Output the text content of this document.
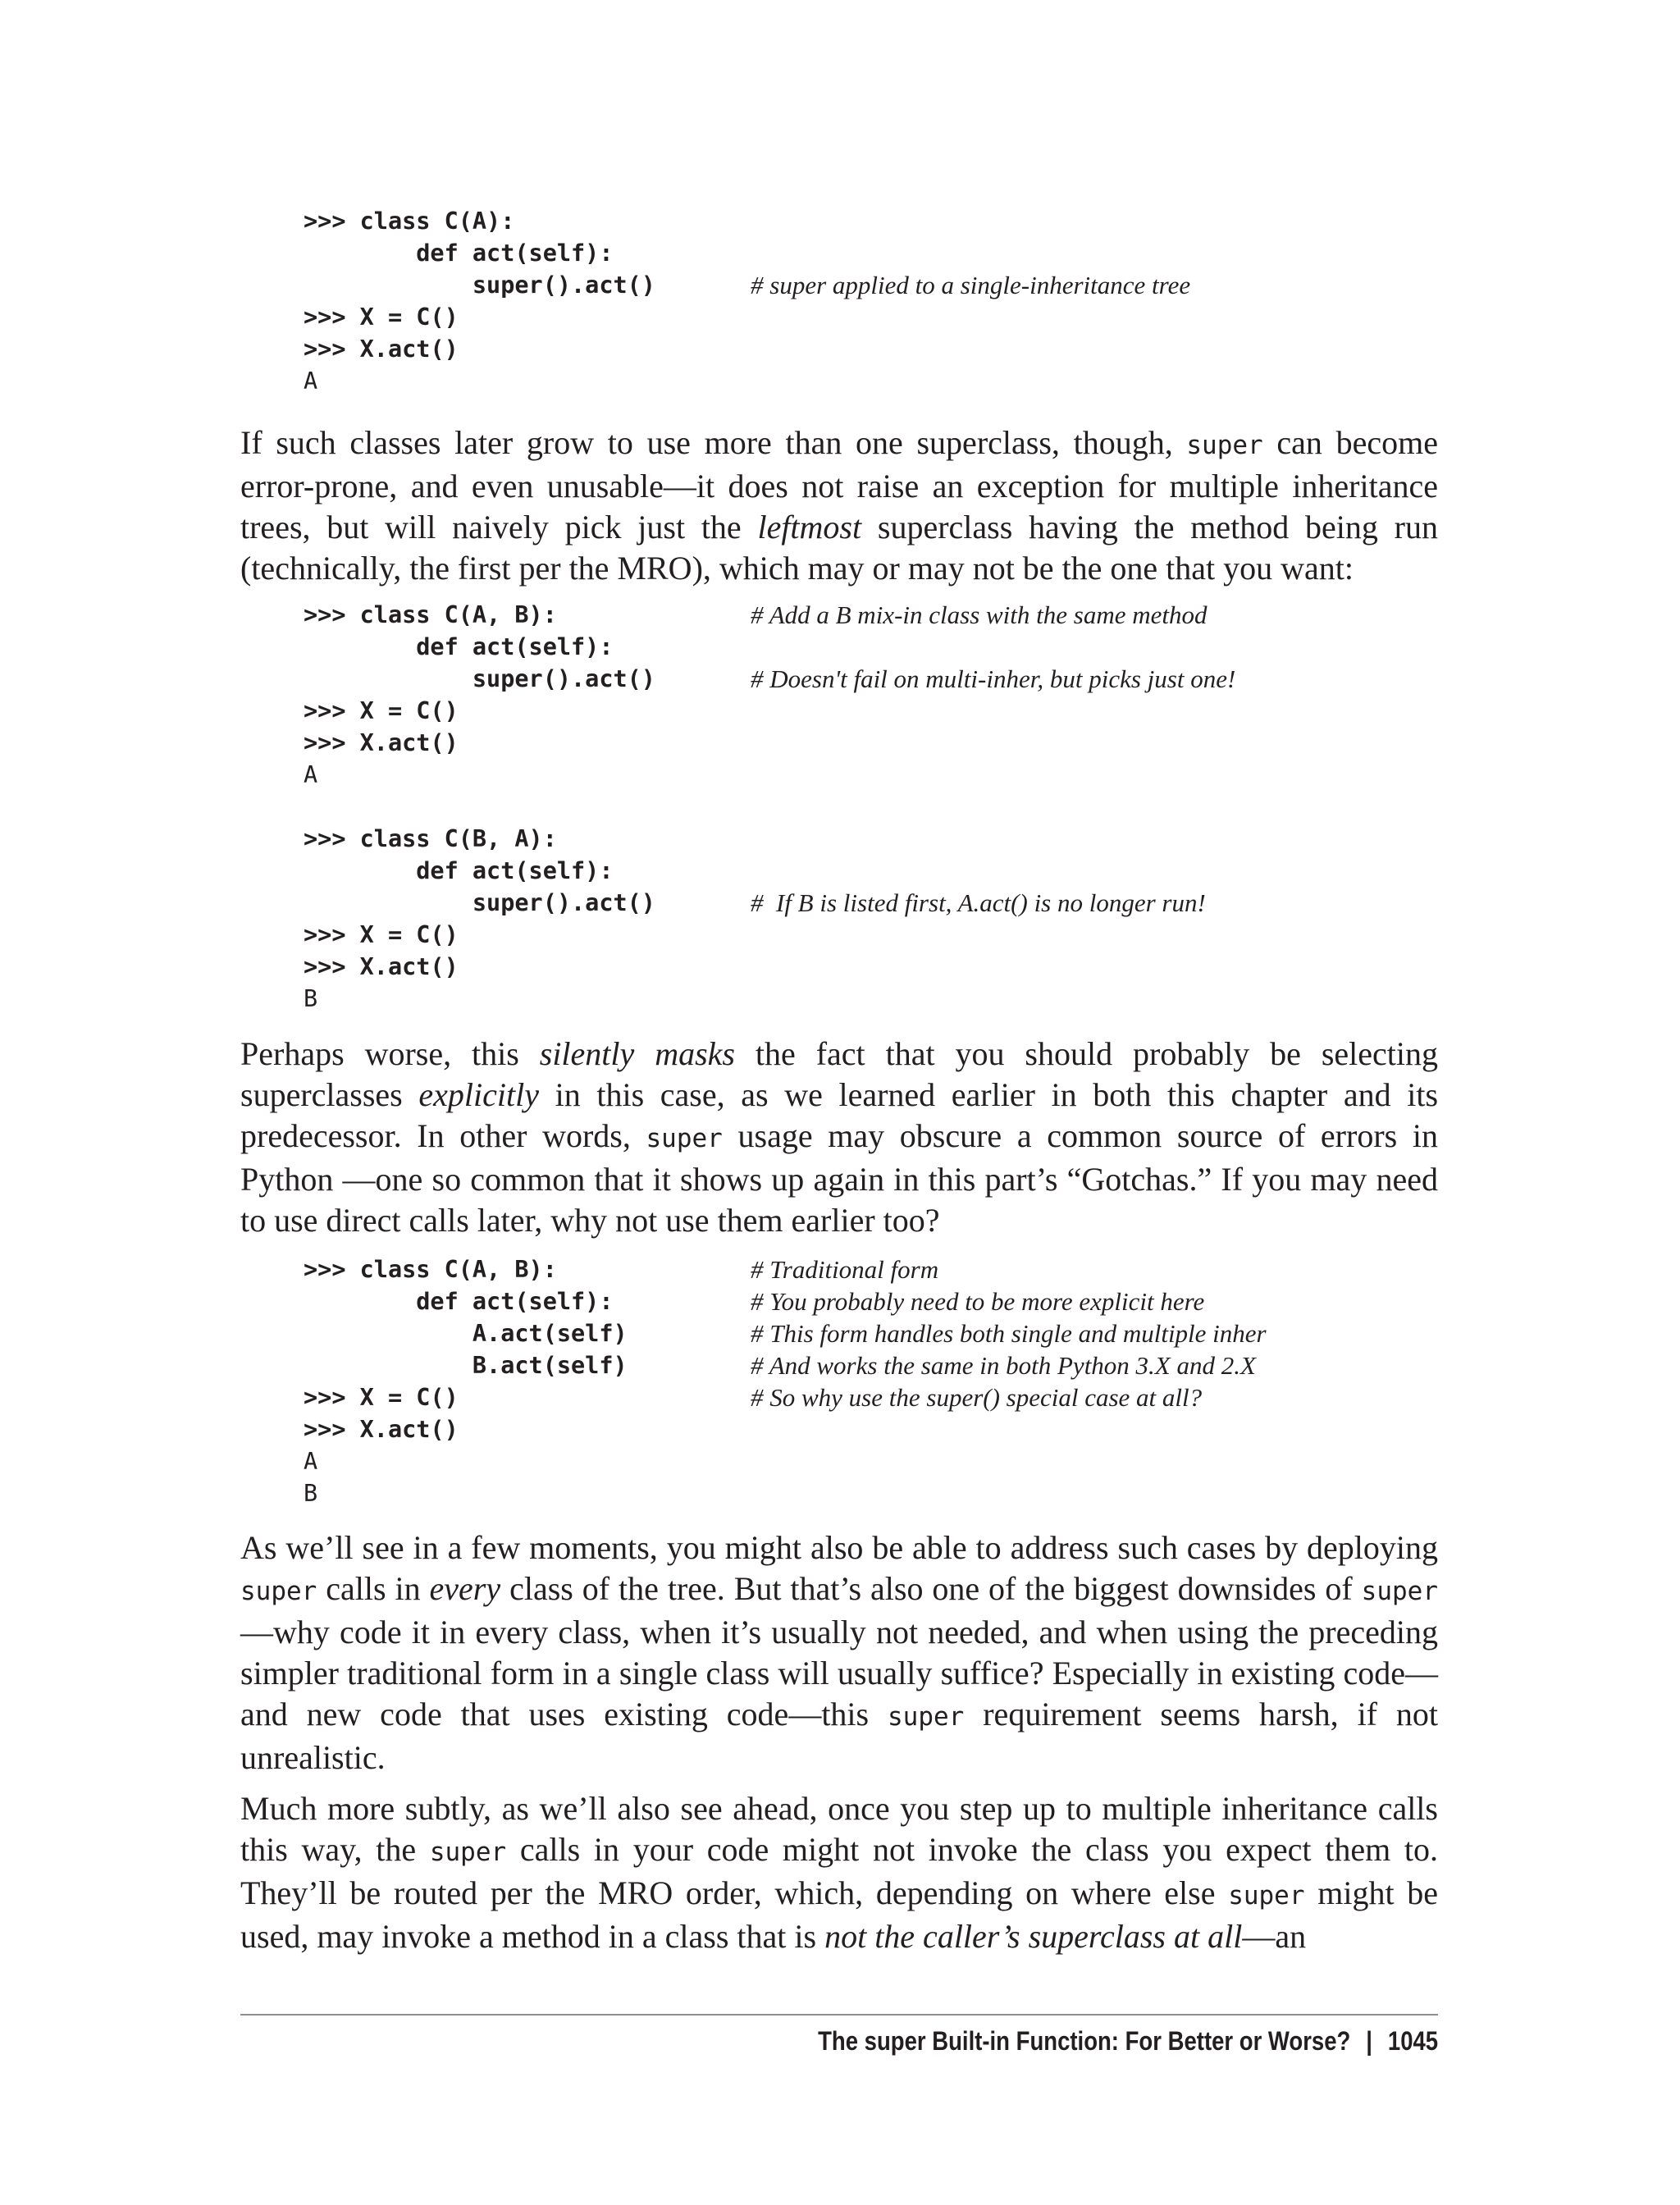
>>> class C(A):
def act(self):
super().act()	# super applied to a single-inheritance tree
>>> X = C()
>>> X.act()
A

If such classes later grow to use more than one superclass, though, super can become error-prone, and even unusable—it does not raise an exception for multiple inheritance trees, but will naively pick just the leftmost superclass having the method being run (technically, the first per the MRO), which may or may not be the one that you want:

>>> class C(A, B):	# Add a B mix-in class with the same method
def act(self):
super().act()	# Doesn't fail on multi-inher, but picks just one!
>>> X = C()
>>> X.act()
A
>>> class C(B, A):
def act(self):
super().act()	#  If B is listed first, A.act() is no longer run!
>>> X = C()
>>> X.act()
B

Perhaps worse, this silently masks the fact that you should probably be selecting superclasses explicitly in this case, as we learned earlier in both this chapter and its predecessor. In other words, super usage may obscure a common source of errors in Python —one so common that it shows up again in this part’s “Gotchas.” If you may need to use direct calls later, why not use them earlier too?

>>> class C(A, B):	# Traditional form
def act(self):	# You probably need to be more explicit here
A.act(self)	# This form handles both single and multiple inher
B.act(self)	# And works the same in both Python 3.X and 2.X
>>> X = C()	# So why use the super() special case at all?
>>> X.act()
A
B

As we’ll see in a few moments, you might also be able to address such cases by deploying super calls in every class of the tree. But that’s also one of the biggest downsides of super—why code it in every class, when it’s usually not needed, and when using the preceding simpler traditional form in a single class will usually suffice? Especially in existing code—and new code that uses existing code—this super requirement seems harsh, if not unrealistic.

Much more subtly, as we’ll also see ahead, once you step up to multiple inheritance calls this way, the super calls in your code might not invoke the class you expect them to. They’ll be routed per the MRO order, which, depending on where else super might be used, may invoke a method in a class that is not the caller’s superclass at all—an

The super Built-in Function: For Better or Worse? | 1045
